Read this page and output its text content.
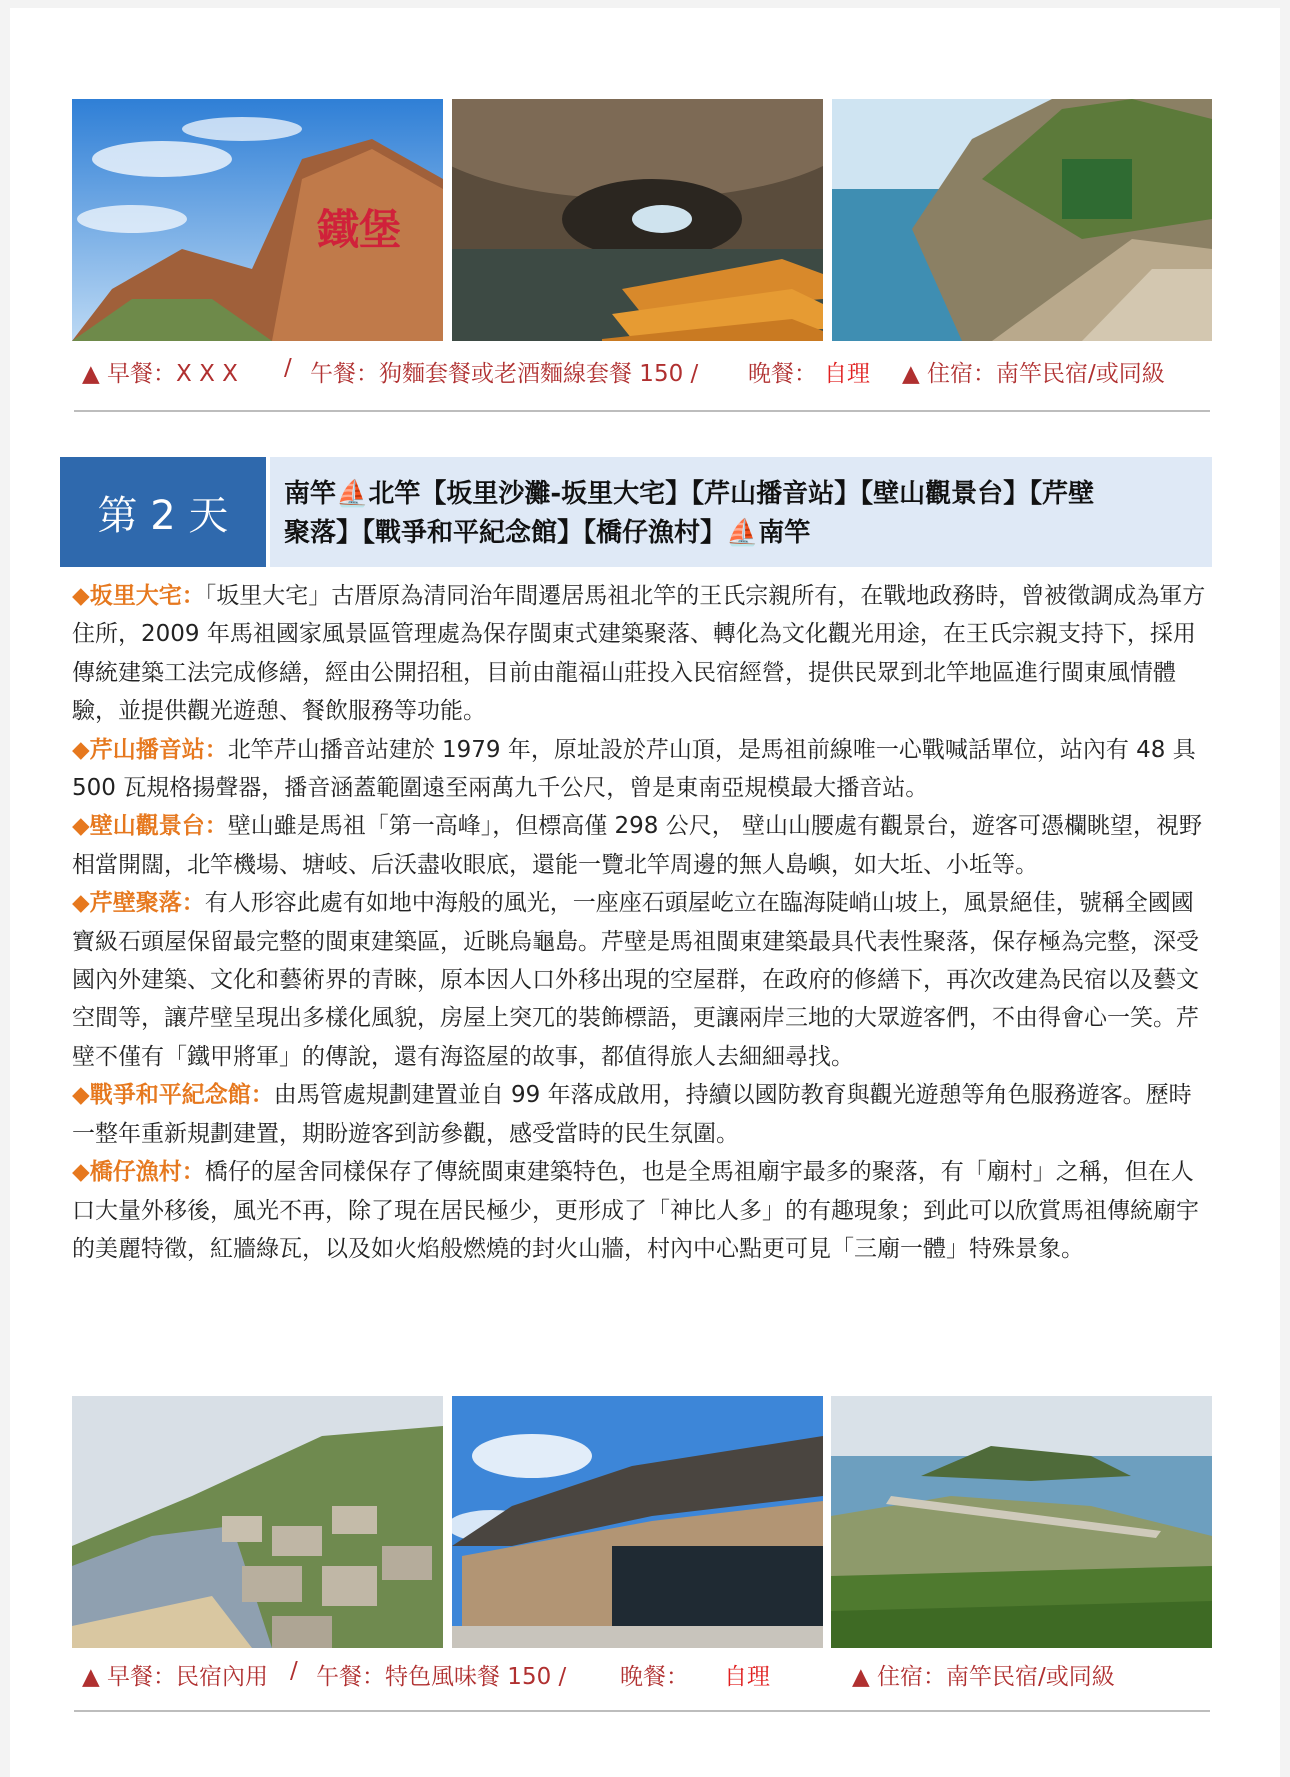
鐵堡
▲ 早餐：X X X / 午餐：狗麵套餐或老酒麵線套餐 150 / 晚餐： 自理 ▲ 住宿：南竿民宿/或同級
第 2 天	南竿⛵北竿【坂里沙灘-坂里大宅】【芹山播音站】【壁山觀景台】【芹壁
聚落】【戰爭和平紀念館】【橋仔漁村】⛵南竿

◆坂里大宅：「坂里大宅」古厝原為清同治年間遷居馬祖北竿的王氏宗親所有，在戰地政務時，曾被徵調成為軍方住所，2009 年馬祖國家風景區管理處為保存閩東式建築聚落、轉化為文化觀光用途，在王氏宗親支持下，採用傳統建築工法完成修繕，經由公開招租，目前由龍福山莊投入民宿經營，提供民眾到北竿地區進行閩東風情體驗，並提供觀光遊憩、餐飲服務等功能。

◆芹山播音站：北竿芹山播音站建於 1979 年，原址設於芹山頂，是馬祖前線唯一心戰喊話單位，站內有 48 具 500 瓦規格揚聲器，播音涵蓋範圍遠至兩萬九千公尺，曾是東南亞規模最大播音站。

◆壁山觀景台：壁山雖是馬祖「第一高峰」，但標高僅 298 公尺， 壁山山腰處有觀景台，遊客可憑欄眺望，視野相當開闊，北竿機場、塘岐、后沃盡收眼底，還能一覽北竿周邊的無人島嶼，如大坵、小坵等。

◆芹壁聚落：有人形容此處有如地中海般的風光，一座座石頭屋屹立在臨海陡峭山坡上，風景絕佳，號稱全國國寶級石頭屋保留最完整的閩東建築區，近眺烏龜島。芹壁是馬祖閩東建築最具代表性聚落，保存極為完整，深受國內外建築、文化和藝術界的青睞，原本因人口外移出現的空屋群，在政府的修繕下，再次改建為民宿以及藝文空間等，讓芹壁呈現出多樣化風貌，房屋上突兀的裝飾標語，更讓兩岸三地的大眾遊客們，不由得會心一笑。芹壁不僅有「鐵甲將軍」的傳說，還有海盜屋的故事，都值得旅人去細細尋找。

◆戰爭和平紀念館：由馬管處規劃建置並自 99 年落成啟用，持續以國防教育與觀光遊憩等角色服務遊客。歷時一整年重新規劃建置，期盼遊客到訪參觀，感受當時的民生氛圍。

◆橋仔漁村：橋仔的屋舍同樣保存了傳統閩東建築特色，也是全馬祖廟宇最多的聚落，有「廟村」之稱，但在人口大量外移後，風光不再，除了現在居民極少，更形成了「神比人多」的有趣現象；到此可以欣賞馬祖傳統廟宇的美麗特徵，紅牆綠瓦，以及如火焰般燃燒的封火山牆，村內中心點更可見「三廟一體」特殊景象。

▲ 早餐：民宿內用 / 午餐：特色風味餐 150 / 晚餐： 自理	▲ 住宿：南竿民宿/或同級
